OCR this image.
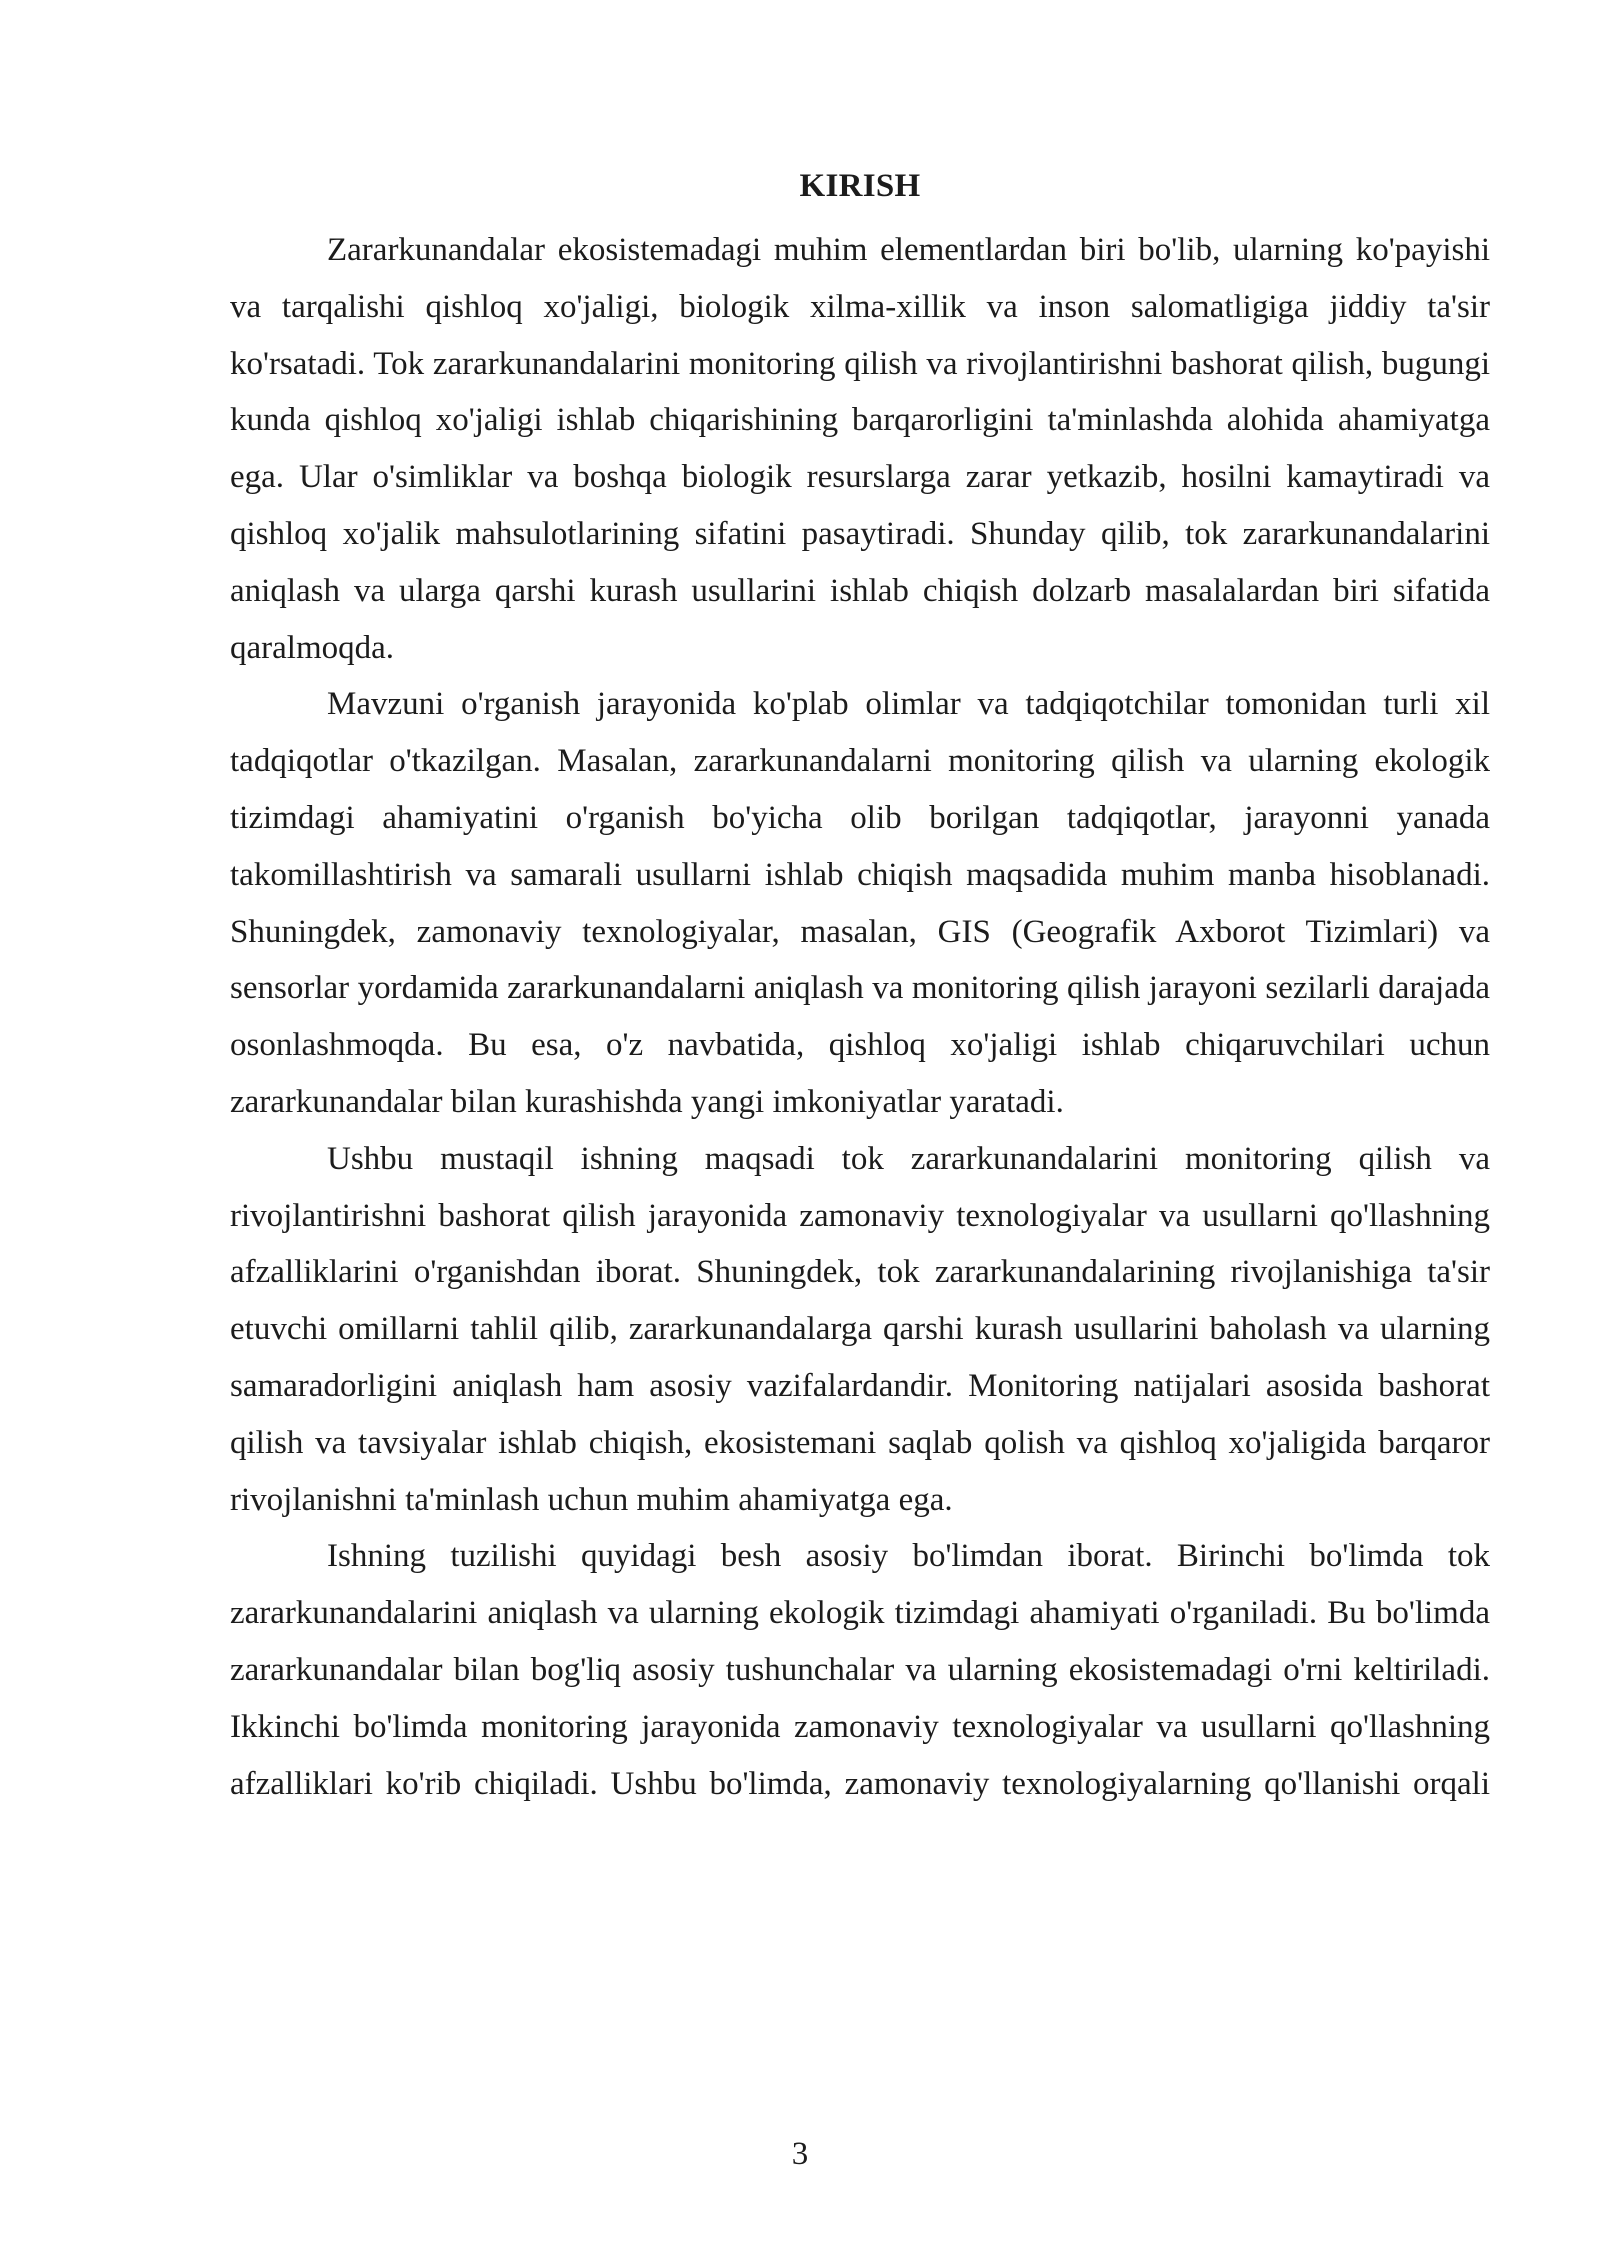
KIRISH

Zararkunandalar ekosistemadagi muhim elementlardan biri bo'lib, ularning ko'payishi va tarqalishi qishloq xo'jaligi, biologik xilma-xillik va inson salomatligiga jiddiy ta'sir ko'rsatadi. Tok zararkunandalarini monitoring qilish va rivojlantirishni bashorat qilish, bugungi kunda qishloq xo'jaligi ishlab chiqarishining barqarorligini ta'minlashda alohida ahamiyatga ega. Ular o'simliklar va boshqa biologik resurslarga zarar yetkazib, hosilni kamaytiradi va qishloq xo'jalik mahsulotlarining sifatini pasaytiradi. Shunday qilib, tok zararkunandalarini aniqlash va ularga qarshi kurash usullarini ishlab chiqish dolzarb masalalardan biri sifatida qaralmoqda.

Mavzuni o'rganish jarayonida ko'plab olimlar va tadqiqotchilar tomonidan turli xil tadqiqotlar o'tkazilgan. Masalan, zararkunandalarni monitoring qilish va ularning ekologik tizimdagi ahamiyatini o'rganish bo'yicha olib borilgan tadqiqotlar, jarayonni yanada takomillashtirish va samarali usullarni ishlab chiqish maqsadida muhim manba hisoblanadi. Shuningdek, zamonaviy texnologiyalar, masalan, GIS (Geografik Axborot Tizimlari) va sensorlar yordamida zararkunandalarni aniqlash va monitoring qilish jarayoni sezilarli darajada osonlashmoqda. Bu esa, o'z navbatida, qishloq xo'jaligi ishlab chiqaruvchilari uchun zararkunandalar bilan kurashishda yangi imkoniyatlar yaratadi.

Ushbu mustaqil ishning maqsadi tok zararkunandalarini monitoring qilish va rivojlantirishni bashorat qilish jarayonida zamonaviy texnologiyalar va usullarni qo'llashning afzalliklarini o'rganishdan iborat. Shuningdek, tok zararkunandalarining rivojlanishiga ta'sir etuvchi omillarni tahlil qilib, zararkunandalarga qarshi kurash usullarini baholash va ularning samaradorligini aniqlash ham asosiy vazifalardandir. Monitoring natijalari asosida bashorat qilish va tavsiyalar ishlab chiqish, ekosistemani saqlab qolish va qishloq xo'jaligida barqaror rivojlanishni ta'minlash uchun muhim ahamiyatga ega.

Ishning tuzilishi quyidagi besh asosiy bo'limdan iborat. Birinchi bo'limda tok zararkunandalarini aniqlash va ularning ekologik tizimdagi ahamiyati o'rganiladi. Bu bo'limda zararkunandalar bilan bog'liq asosiy tushunchalar va ularning ekosistemadagi o'rni keltiriladi. Ikkinchi bo'limda monitoring jarayonida zamonaviy texnologiyalar va usullarni qo'llashning afzalliklari ko'rib chiqiladi. Ushbu bo'limda, zamonaviy texnologiyalarning qo'llanishi orqali

3
